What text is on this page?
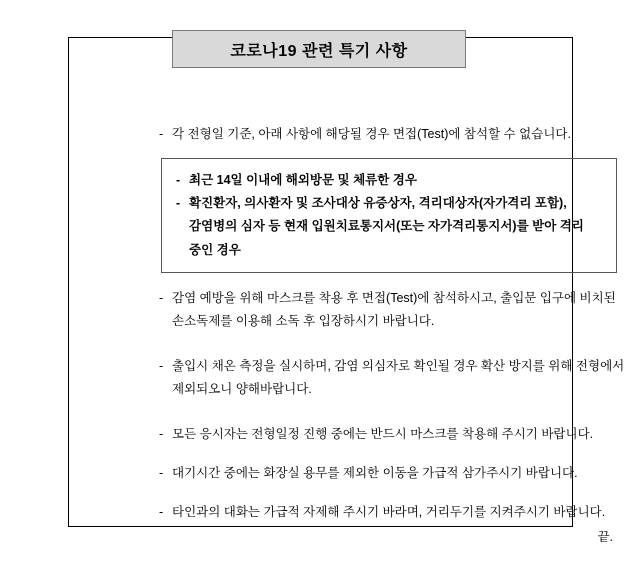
- 각 전형일 기준, 아래 사항에 해당될 경우 면접(Test)에 참석할 수 없습니다.
- 최근 14일 이내에 해외방문 및 체류한 경우
- 확진환자, 의사환자 및 조사대상 유증상자, 격리대상자(자가격리 포함), 감염병의 심자 등 현재 입원치료통지서(또는 자가격리통지서)를 받아 격리 중인 경우
- 감염 예방을 위해 마스크를 착용 후 면접(Test)에 참석하시고, 출입문 입구에 비치된 손소독제를 이용해 소독 후 입장하시기 바랍니다.
- 출입시 채온 측정을 실시하며, 감염 의심자로 확인될 경우 확산 방지를 위해 전형에서 제외되오니 양해바랍니다.
- 모든 응시자는 전형일정 진행 중에는 반드시 마스크를 착용해 주시기 바랍니다.
- 대기시간 중에는 화장실 용무를 제외한 이동을 가급적 삼가주시기 바랍니다.
- 타인과의 대화는 가급적 자제해 주시기 바라며, 거리두기를 지켜주시기 바랍니다.
끝.
코로나19 관련 특기 사항
